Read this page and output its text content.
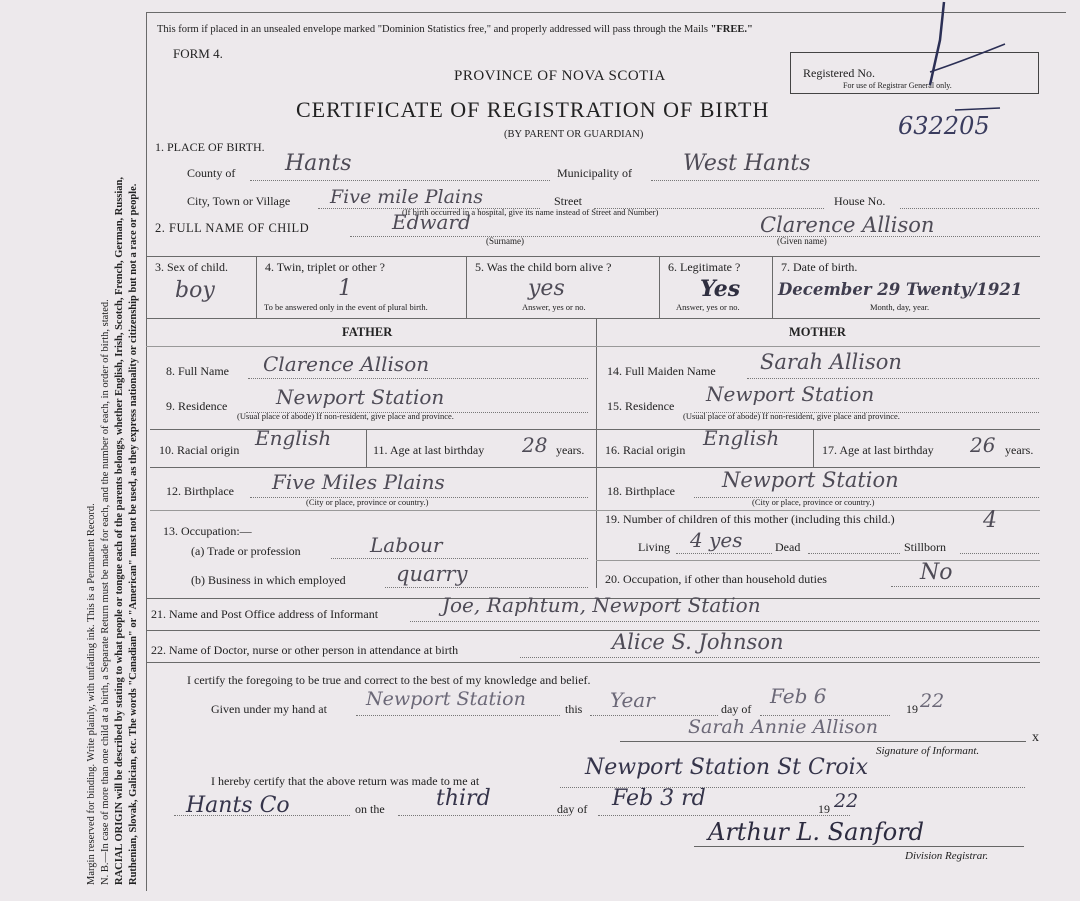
Margin reserved for binding. Write plainly, with unfading ink. This is a Permanent Record. N. B.—In case of more than one child at a birth, a Separate Return must be made for each, and the number of each, in order of birth, stated. RACIAL ORIGIN will be described by stating to what people or tongue each of the parents belongs, whether English, Irish, Scotch, French, German, Russian, Ruthenian, Slovak, Galician, etc. The words "Canadian" or "American" must not be used, as they express nationality or citizenship but not a race or people.
This form if placed in an unsealed envelope marked "Dominion Statistics free," and properly addressed will pass through the Mails "FREE."
FORM 4.
PROVINCE OF NOVA SCOTIA
CERTIFICATE OF REGISTRATION OF BIRTH
(BY PARENT OR GUARDIAN)
Registered No.
For use of Registrar General only.
632205
1. PLACE OF BIRTH.
County of Hants	Municipality of West Hants
City, Town or Village Five mile Plains	Street	House No.
(If birth occurred in a hospital, give its name instead of Street and Number)
2. FULL NAME OF CHILD	Edward
(Surname)
Clarence Allison
(Given name)
3. Sex of child.
boy
4. Twin, triplet or other ?
1
To be answered only in the event of plural birth.
5. Was the child born alive ?
yes
Answer, yes or no.
6. Legitimate ?
Yes
Answer, yes or no.
7. Date of birth.
December 29 Twenty/1921
Month, day, year.
FATHER	MOTHER
8. Full Name Clarence Allison
9. Residence Newport Station
(Usual place of abode) If non-resident, give place and province.
10. Racial origin English	11. Age at last birthday 28 years.
12. Birthplace Five Miles Plains
(City or place, province or country.)
13. Occupation:—
(a) Trade or profession	Labour
(b) Business in which employed quarry
14. Full Maiden Name Sarah Allison
15. Residence Newport Station
(Usual place of abode) If non-resident, give place and province.
16. Racial origin English	17. Age at last birthday 26 years.
18. Birthplace Newport Station
(City or place, province or country.)
19. Number of children of this mother (including this child.)	4
Living 4 yes	Dead	Stillborn
20. Occupation, if other than household duties	No
21. Name and Post Office address of Informant	Joe, Raphtum, Newport Station
22. Name of Doctor, nurse or other person in attendance at birth	Alice S. Johnson
I certify the foregoing to be true and correct to the best of my knowledge and belief.
Given under my hand at Newport Station	this Year	day of
Feb 6
19 22
Sarah Annie Allison	x
Signature of Informant.
I hereby certify that the above return was made to me at
Newport Station St Croix
Hants Co	on the third	day of Feb 3 rd	19 22
Arthur L. Sanford
Division Registrar.
